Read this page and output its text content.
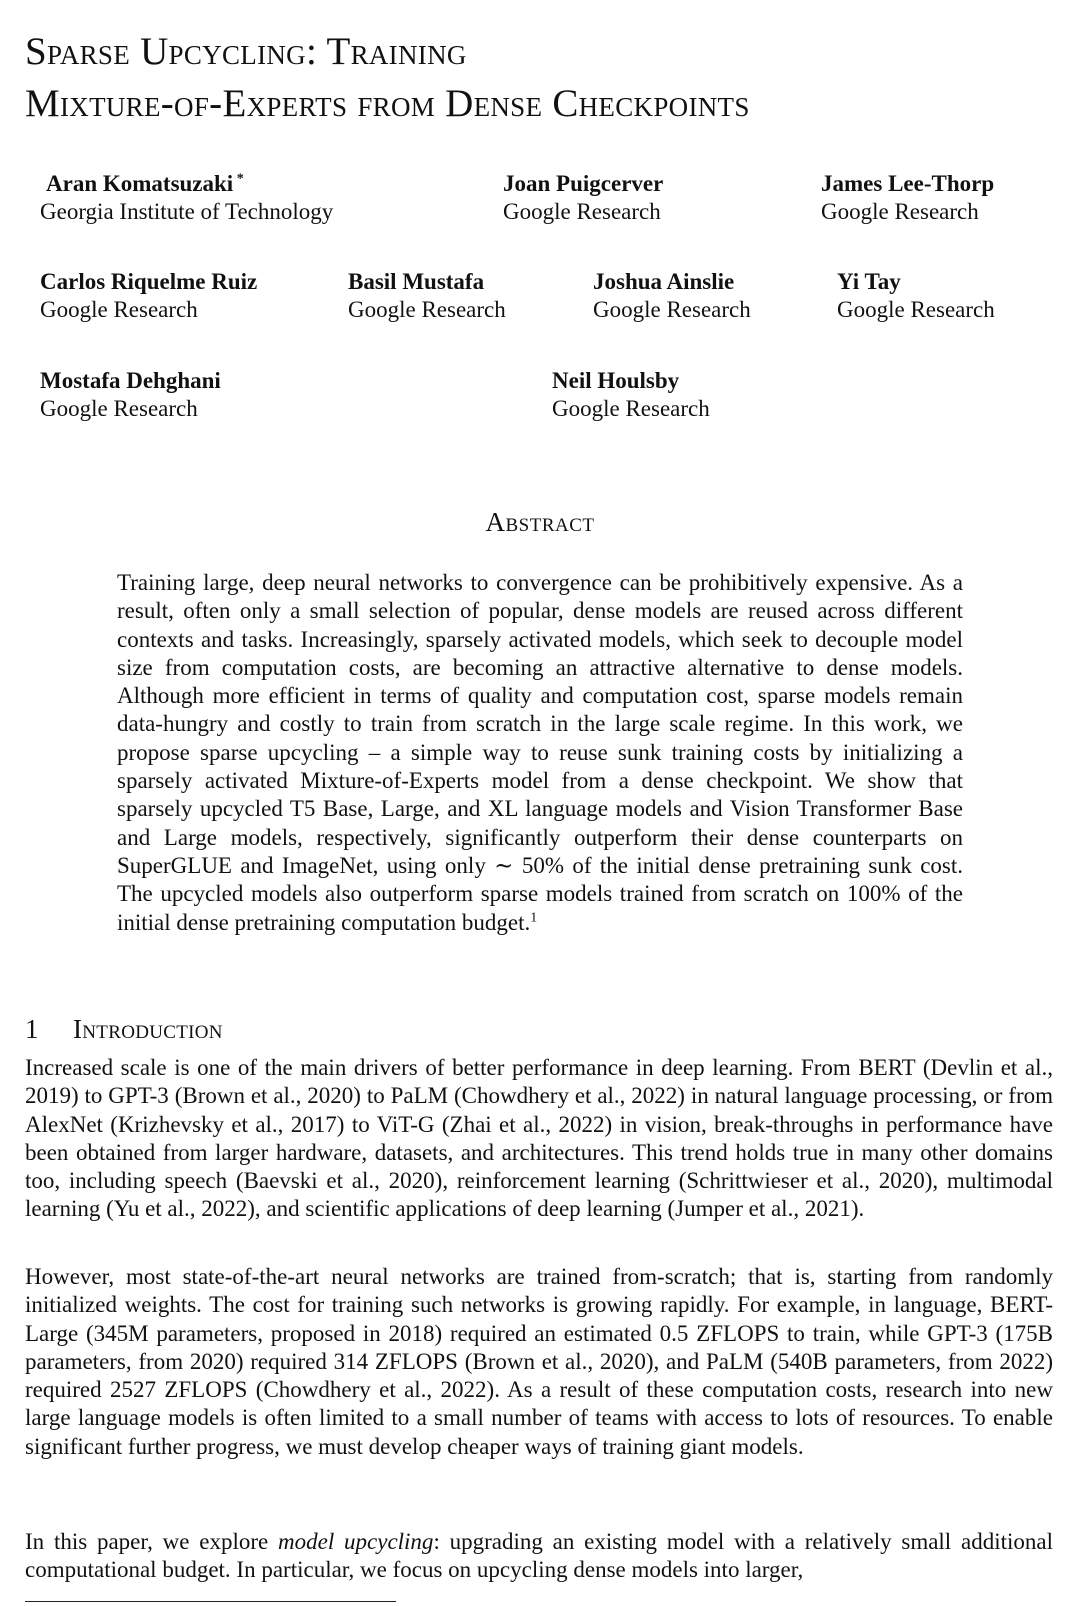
Sparse Upcycling: Training
Mixture-of-Experts from Dense Checkpoints
Aran Komatsuzaki *
Georgia Institute of Technology
Joan Puigcerver
Google Research
James Lee-Thorp
Google Research
Carlos Riquelme Ruiz
Google Research
Basil Mustafa
Google Research
Joshua Ainslie
Google Research
Yi Tay
Google Research
Mostafa Dehghani
Google Research
Neil Houlsby
Google Research
Abstract

Training large, deep neural networks to convergence can be prohibitively expensive. As a result, often only a small selection of popular, dense models are reused across different contexts and tasks. Increasingly, sparsely activated models, which seek to decouple model size from computation costs, are becoming an attractive alternative to dense models. Although more efficient in terms of quality and computation cost, sparse models remain data-hungry and costly to train from scratch in the large scale regime. In this work, we propose sparse upcycling – a simple way to reuse sunk training costs by initializing a sparsely activated Mixture-of-Experts model from a dense checkpoint. We show that sparsely upcycled T5 Base, Large, and XL language models and Vision Transformer Base and Large models, respectively, significantly outperform their dense counterparts on SuperGLUE and ImageNet, using only ∼ 50% of the initial dense pretraining sunk cost. The upcycled models also outperform sparse models trained from scratch on 100% of the initial dense pretraining computation budget.$^1$

1 Introduction

Increased scale is one of the main drivers of better performance in deep learning. From BERT (Devlin et al., 2019) to GPT-3 (Brown et al., 2020) to PaLM (Chowdhery et al., 2022) in natural language processing, or from AlexNet (Krizhevsky et al., 2017) to ViT-G (Zhai et al., 2022) in vision, break-throughs in performance have been obtained from larger hardware, datasets, and architectures. This trend holds true in many other domains too, including speech (Baevski et al., 2020), reinforcement learning (Schrittwieser et al., 2020), multimodal learning (Yu et al., 2022), and scientific applications of deep learning (Jumper et al., 2021).

However, most state-of-the-art neural networks are trained from-scratch; that is, starting from randomly initialized weights. The cost for training such networks is growing rapidly. For example, in language, BERT-Large (345M parameters, proposed in 2018) required an estimated 0.5 ZFLOPS to train, while GPT-3 (175B parameters, from 2020) required 314 ZFLOPS (Brown et al., 2020), and PaLM (540B parameters, from 2022) required 2527 ZFLOPS (Chowdhery et al., 2022). As a result of these computation costs, research into new large language models is often limited to a small number of teams with access to lots of resources. To enable significant further progress, we must develop cheaper ways of training giant models.

In this paper, we explore model upcycling: upgrading an existing model with a relatively small additional computational budget. In particular, we focus on upcycling dense models into larger,
